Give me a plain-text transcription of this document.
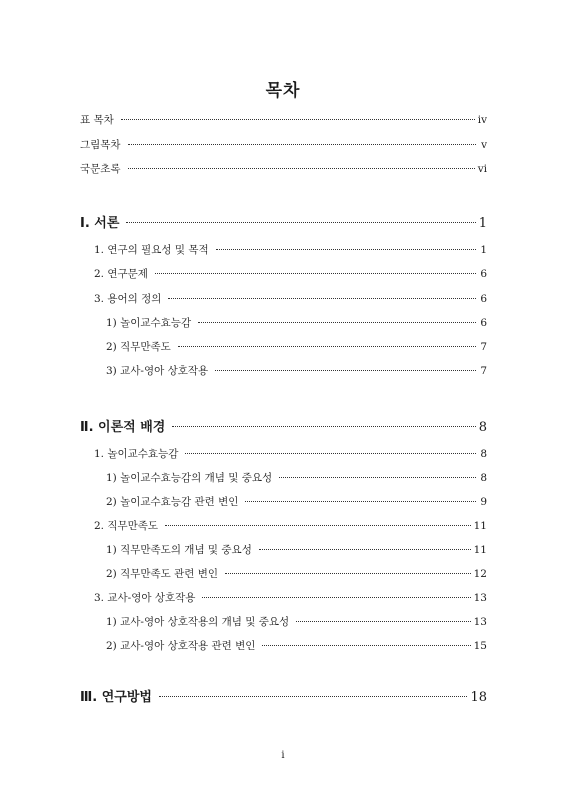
목차
표 목차	ⅳ
그림목차	ⅴ
국문초록	ⅵ
Ⅰ. 서론	1
1. 연구의 필요성 및 목적	1
2. 연구문제	6
3. 용어의 정의	6
1) 놀이교수효능감	6
2) 직무만족도	7
3) 교사-영아 상호작용	7
Ⅱ. 이론적 배경	8
1. 놀이교수효능감	8
1) 놀이교수효능감의 개념 및 중요성	8
2) 놀이교수효능감 관련 변인	9
2. 직무만족도	11
1) 직무만족도의 개념 및 중요성	11
2) 직무만족도 관련 변인	12
3. 교사-영아 상호작용	13
1) 교사-영아 상호작용의 개념 및 중요성	13
2) 교사-영아 상호작용 관련 변인	15
Ⅲ. 연구방법	18
i
